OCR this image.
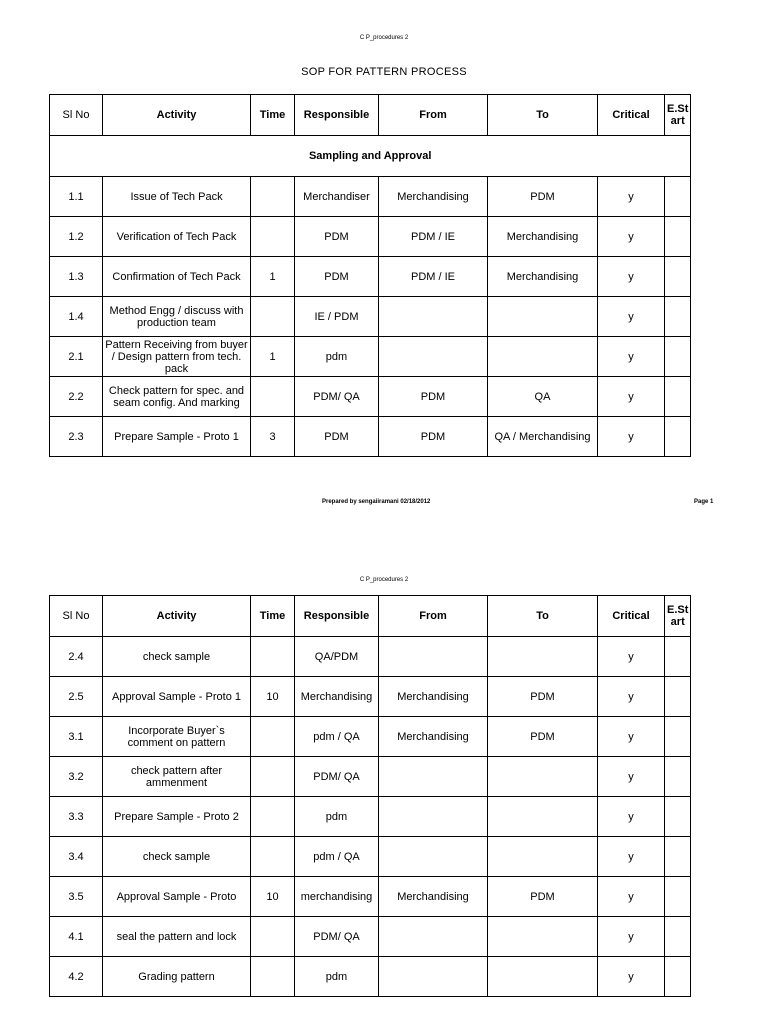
C P_procedures 2
SOP FOR PATTERN PROCESS
Sl No	Activity	Time	Responsible	From	To	Critical	E.St art
Sampling and Approval							
1.1	Issue of Tech Pack		Merchandiser	Merchandising	PDM	y	
1.2	Verification of Tech Pack		PDM	PDM / IE	Merchandising	y	
1.3	Confirmation of Tech Pack	1	PDM	PDM / IE	Merchandising	y	
1.4	Method Engg / discuss with production team		IE / PDM			y	
2.1	Pattern Receiving from buyer / Design pattern from tech. pack	1	pdm			y	
2.2	Check pattern for spec. and seam config. And marking		PDM/ QA	PDM	QA	y	
2.3	Prepare Sample - Proto 1	3	PDM	PDM	QA / Merchandising	y	
Prepared by sengaiiramani 02/18/2012	Page 1
C P_procedures 2
Sl No	Activity	Time	Responsible	From	To	Critical	E.St art
2.4	check sample		QA/PDM			y	
2.5	Approval Sample - Proto 1	10	Merchandising	Merchandising	PDM	y	
3.1	Incorporate Buyer`s comment on pattern		pdm / QA	Merchandising	PDM	y	
3.2	check pattern after ammenment		PDM/ QA			y	
3.3	Prepare Sample - Proto 2		pdm			y	
3.4	check sample		pdm / QA			y	
3.5	Approval Sample - Proto	10	merchandising	Merchandising	PDM	y	
4.1	seal the pattern and lock		PDM/ QA			y	
4.2	Grading pattern		pdm			y	
